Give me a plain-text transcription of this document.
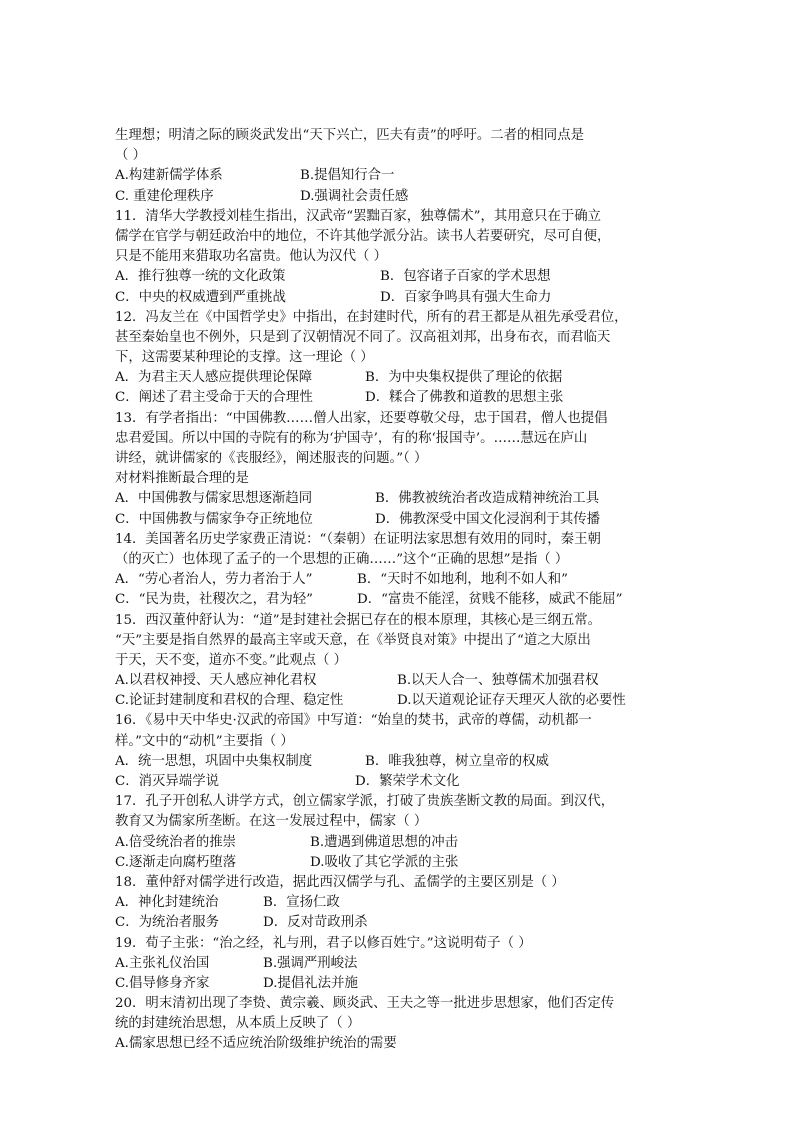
生理想；明清之际的顾炎武发出“天下兴亡，匹夫有责”的呼吁。二者的相同点是
（ ）
A.构建新儒学体系	B.提倡知行合一
C. 重建伦理秩序	D.强调社会责任感
11．清华大学教授刘桂生指出，汉武帝“罢黜百家，独尊儒术”，其用意只在于确立
儒学在官学与朝廷政治中的地位，不许其他学派分沾。读书人若要研究，尽可自便，
只是不能用来猎取功名富贵。他认为汉代（ ）
A．推行独尊一统的文化政策	B．包容诸子百家的学术思想
C．中央的权威遭到严重挑战	D．百家争鸣具有强大生命力
12．冯友兰在《中国哲学史》中指出，在封建时代，所有的君王都是从祖先承受君位，
甚至秦始皇也不例外，只是到了汉朝情况不同了。汉高祖刘邦，出身布衣，而君临天
下，这需要某种理论的支撑。这一理论（ ）
A．为君主天人感应提供理论保障	B．为中央集权提供了理论的依据
C．阐述了君主受命于天的合理性	D．糅合了佛教和道教的思想主张
13．有学者指出：“中国佛教……僧人出家，还要尊敬父母，忠于国君，僧人也提倡
忠君爱国。所以中国的寺院有的称为‘护国寺’，有的称‘报国寺’。……慧远在庐山
讲经，就讲儒家的《丧服经》，阐述服丧的问题。”（ ）
对材料推断最合理的是
A．中国佛教与儒家思想逐渐趋同	B．佛教被统治者改造成精神统治工具
C．中国佛教与儒家争夺正统地位	D．佛教深受中国文化浸润利于其传播
14．美国著名历史学家费正清说：“（秦朝）在证明法家思想有效用的同时，秦王朝
（的灭亡）也体现了孟子的一个思想的正确……”这个“正确的思想”是指（ ）
A．“劳心者治人，劳力者治于人”	B．“天时不如地利，地利不如人和”
C．“民为贵，社稷次之，君为轻”	D．“富贵不能淫，贫贱不能移，威武不能屈”
15．西汉董仲舒认为：“道”是封建社会据已存在的根本原理，其核心是三纲五常。
“天”主要是指自然界的最高主宰或天意，在《举贤良对策》中提出了“道之大原出
于天，天不变，道亦不变。”此观点（ ）
A.以君权神授、天人感应神化君权	B.以天人合一、独尊儒术加强君权
C.论证封建制度和君权的合理、稳定性	D.以天道观论证存天理灭人欲的必要性
16．《易中天中华史·汉武的帝国》中写道：“始皇的焚书，武帝的尊儒，动机都一
样。”文中的“动机”主要指（ ）
A．统一思想，巩固中央集权制度	B．唯我独尊，树立皇帝的权威
C．消灭异端学说	D．繁荣学术文化
17．孔子开创私人讲学方式，创立儒家学派，打破了贵族垄断文教的局面。到汉代，
教育又为儒家所垄断。在这一发展过程中，儒家（ ）
A.倍受统治者的推崇	B.遭遇到佛道思想的冲击
C.逐渐走向腐朽堕落	D.吸收了其它学派的主张
18．董仲舒对儒学进行改造，据此西汉儒学与孔、孟儒学的主要区别是（ ）
A．神化封建统治	B．宣扬仁政
C．为统治者服务	D．反对苛政刑杀
19．荀子主张：“治之经，礼与刑，君子以修百姓宁。”这说明荀子（ ）
A.主张礼仪治国	B.强调严刑峻法
C.倡导修身齐家	D.提倡礼法并施
20．明末清初出现了李贽、黄宗羲、顾炎武、王夫之等一批进步思想家，他们否定传
统的封建统治思想，从本质上反映了（ ）
A.儒家思想已经不适应统治阶级维护统治的需要
